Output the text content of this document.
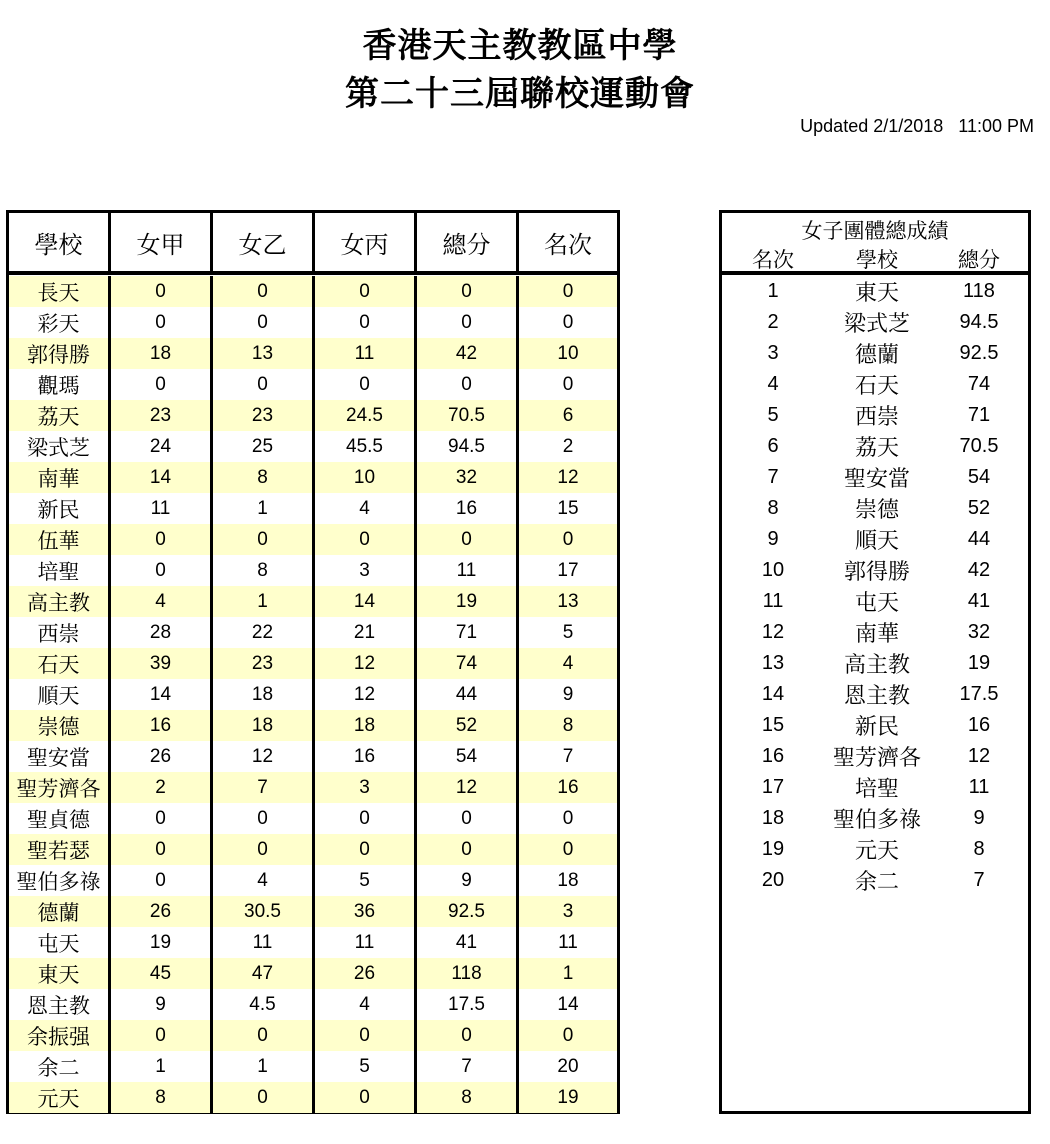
香港天主教教區中學
第二十三屆聯校運動會
Updated 2/1/2018   11:00 PM
學校	女甲	女乙	女丙	總分	名次
長天	0	0	0	0	0
彩天	0	0	0	0	0
郭得勝	18	13	11	42	10
觀瑪	0	0	0	0	0
荔天	23	23	24.5	70.5	6
梁式芝	24	25	45.5	94.5	2
南華	14	8	10	32	12
新民	11	1	4	16	15
伍華	0	0	0	0	0
培聖	0	8	3	11	17
高主教	4	1	14	19	13
西崇	28	22	21	71	5
石天	39	23	12	74	4
順天	14	18	12	44	9
崇德	16	18	18	52	8
聖安當	26	12	16	54	7
聖芳濟各	2	7	3	12	16
聖貞德	0	0	0	0	0
聖若瑟	0	0	0	0	0
聖伯多祿	0	4	5	9	18
德蘭	26	30.5	36	92.5	3
屯天	19	11	11	41	11
東天	45	47	26	118	1
恩主教	9	4.5	4	17.5	14
余振强	0	0	0	0	0
余二	1	1	5	7	20
元天	8	0	0	8	19
女子團體總成績
名次	學校	總分
1	東天	118
2	梁式芝	94.5
3	德蘭	92.5
4	石天	74
5	西崇	71
6	荔天	70.5
7	聖安當	54
8	崇德	52
9	順天	44
10	郭得勝	42
11	屯天	41
12	南華	32
13	高主教	19
14	恩主教	17.5
15	新民	16
16	聖芳濟各	12
17	培聖	11
18	聖伯多祿	9
19	元天	8
20	余二	7
